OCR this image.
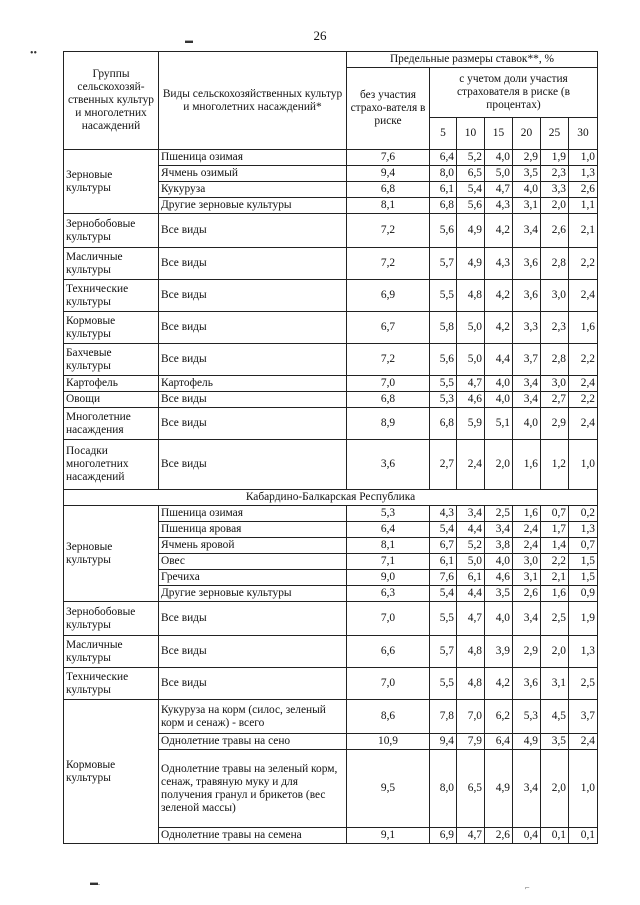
26
••
▬
▬.
⌐
Группы сельскохозяй-ственных культур и многолетних насаждений	Виды сельскохозяйственных культур и многолетних насаждений*	Предельные размеры ставок**, %						
		без участия страхо-вателя в риске	с учетом доли участия страхователя в риске (в процентах)					
			5	10	15	20	25	30
Зерновые культуры	Пшеница озимая	7,6	6,4	5,2	4,0	2,9	1,9	1,0
	Ячмень озимый	9,4	8,0	6,5	5,0	3,5	2,3	1,3
	Кукуруза	6,8	6,1	5,4	4,7	4,0	3,3	2,6
	Другие зерновые культуры	8,1	6,8	5,6	4,3	3,1	2,0	1,1
Зернобобовые культуры	Все виды	7,2	5,6	4,9	4,2	3,4	2,6	2,1
Масличные культуры	Все виды	7,2	5,7	4,9	4,3	3,6	2,8	2,2
Технические культуры	Все виды	6,9	5,5	4,8	4,2	3,6	3,0	2,4
Кормовые культуры	Все виды	6,7	5,8	5,0	4,2	3,3	2,3	1,6
Бахчевые культуры	Все виды	7,2	5,6	5,0	4,4	3,7	2,8	2,2
Картофель	Картофель	7,0	5,5	4,7	4,0	3,4	3,0	2,4
Овощи	Все виды	6,8	5,3	4,6	4,0	3,4	2,7	2,2
Многолетние насаждения	Все виды	8,9	6,8	5,9	5,1	4,0	2,9	2,4
Посадки многолетних насаждений	Все виды	3,6	2,7	2,4	2,0	1,6	1,2	1,0
Кабардино-Балкарская Республика								
Зерновые культуры	Пшеница озимая	5,3	4,3	3,4	2,5	1,6	0,7	0,2
	Пшеница яровая	6,4	5,4	4,4	3,4	2,4	1,7	1,3
	Ячмень яровой	8,1	6,7	5,2	3,8	2,4	1,4	0,7
	Овес	7,1	6,1	5,0	4,0	3,0	2,2	1,5
	Гречиха	9,0	7,6	6,1	4,6	3,1	2,1	1,5
	Другие зерновые культуры	6,3	5,4	4,4	3,5	2,6	1,6	0,9
Зернобобовые культуры	Все виды	7,0	5,5	4,7	4,0	3,4	2,5	1,9
Масличные культуры	Все виды	6,6	5,7	4,8	3,9	2,9	2,0	1,3
Технические культуры	Все виды	7,0	5,5	4,8	4,2	3,6	3,1	2,5
Кормовые культуры	Кукуруза на корм (силос, зеленый корм и сенаж) - всего	8,6	7,8	7,0	6,2	5,3	4,5	3,7
	Однолетние травы на сено	10,9	9,4	7,9	6,4	4,9	3,5	2,4
	Однолетние травы на зеленый корм, сенаж, травяную муку и для получения гранул и брикетов (вес зеленой массы)	9,5	8,0	6,5	4,9	3,4	2,0	1,0
	Однолетние травы на семена	9,1	6,9	4,7	2,6	0,4	0,1	0,1
